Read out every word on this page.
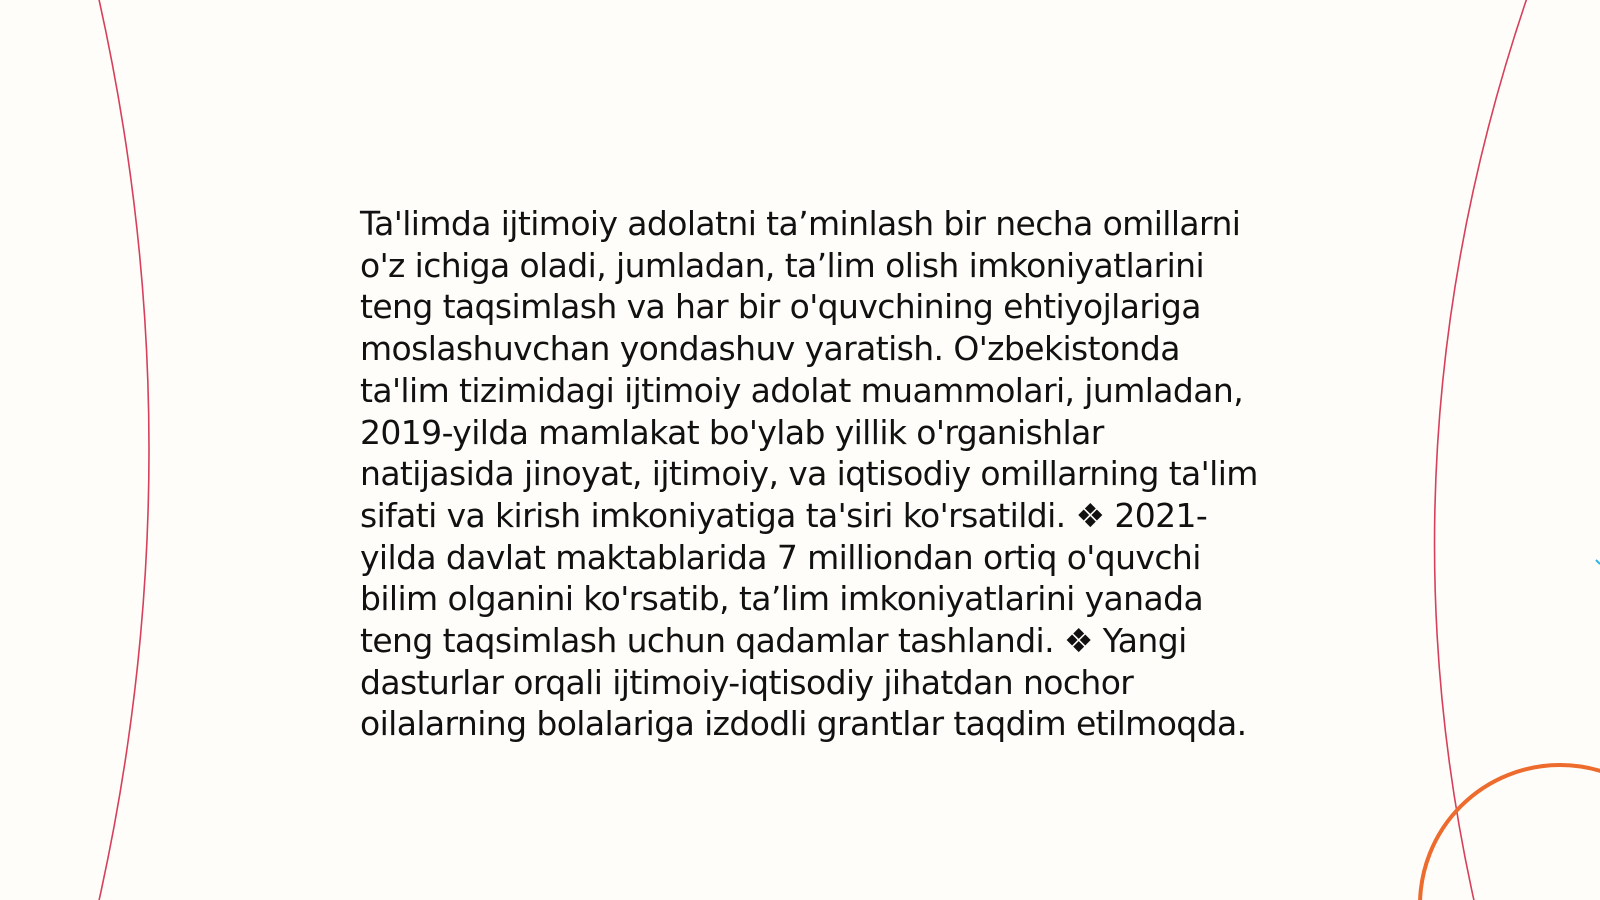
Ta'limda ijtimoiy adolatni ta’minlash bir necha omillarni o'z ichiga oladi, jumladan, ta’lim olish imkoniyatlarini teng taqsimlash va har bir o'quvchining ehtiyojlariga moslashuvchan yondashuv yaratish. O'zbekistonda ta'lim tizimidagi ijtimoiy adolat muammolari, jumladan, 2019-yilda mamlakat bo'ylab yillik o'rganishlar natijasida jinoyat, ijtimoiy, va iqtisodiy omillarning ta'lim sifati va kirish imkoniyatiga ta'siri ko'rsatildi. ❖ 2021-yilda davlat maktablarida 7 milliondan ortiq o'quvchi bilim olganini ko'rsatib, ta’lim imkoniyatlarini yanada teng taqsimlash uchun qadamlar tashlandi. ❖ Yangi dasturlar orqali ijtimoiy-iqtisodiy jihatdan nochor oilalarning bolalariga izdodli grantlar taqdim etilmoqda.
